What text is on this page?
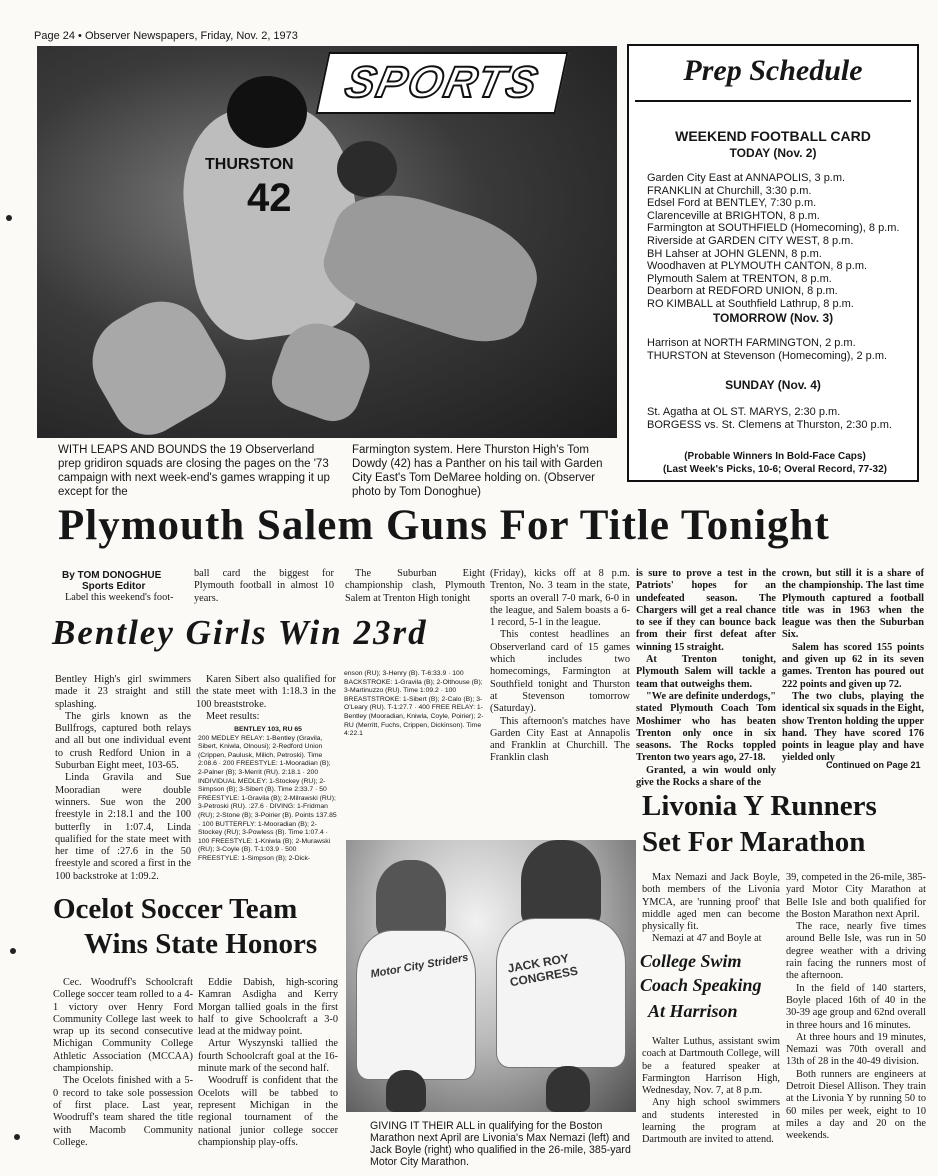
Page 24 • Observer Newspapers, Friday, Nov. 2, 1973
THURSTON
42
SPORTS
WITH LEAPS AND BOUNDS the 19 Observerland prep gridiron squads are closing the pages on the '73 campaign with next week-end's games wrapping it up except for the
Farmington system. Here Thurston High's Tom Dowdy (42) has a Panther on his tail with Garden City East's Tom DeMaree holding on. (Observer photo by Tom Donoghue)
Prep Schedule
WEEKEND FOOTBALL CARD
TODAY (Nov. 2)
Garden City East at ANNAPOLIS, 3 p.m.
FRANKLIN at Churchill, 3:30 p.m.
Edsel Ford at BENTLEY, 7:30 p.m.
Clarenceville at BRIGHTON, 8 p.m.
Farmington at SOUTHFIELD (Homecoming), 8 p.m.
Riverside at GARDEN CITY WEST, 8 p.m.
BH Lahser at JOHN GLENN, 8 p.m.
Woodhaven at PLYMOUTH CANTON, 8 p.m.
Plymouth Salem at TRENTON, 8 p.m.
Dearborn at REDFORD UNION, 8 p.m.
RO KIMBALL at Southfield Lathrup, 8 p.m.
TOMORROW (Nov. 3)
Harrison at NORTH FARMINGTON, 2 p.m.
THURSTON at Stevenson (Homecoming), 2 p.m.
SUNDAY (Nov. 4)
St. Agatha at OL ST. MARYS, 2:30 p.m.
BORGESS vs. St. Clemens at Thurston, 2:30 p.m.
(Probable Winners In Bold-Face Caps)
(Last Week's Picks, 10-6; Overal Record, 77-32)
Plymouth Salem Guns For Title Tonight
By TOM DONOGHUE
Sports Editor

Label this weekend's foot-

ball card the biggest for Plymouth football in almost 10 years.

The Suburban Eight championship clash, Plymouth Salem at Trenton High tonight

(Friday), kicks off at 8 p.m. Trenton, No. 3 team in the state, sports an overall 7-0 mark, 6-0 in the league, and Salem boasts a 6-1 record, 5-1 in the league.

This contest headlines an Observerland card of 15 games which includes two homecomings, Farmington at Southfield tonight and Thurston at Stevenson tomorrow (Saturday).

This afternoon's matches have Garden City East at Annapolis and Franklin at Churchill. The Franklin clash

is sure to prove a test in the Patriots' hopes for an undefeated season. The Chargers will get a real chance to see if they can bounce back from their first defeat after winning 15 straight.

At Trenton tonight, Plymouth Salem will tackle a team that outweighs them.

"We are definite underdogs," stated Plymouth Coach Tom Moshimer who has beaten Trenton only once in six seasons. The Rocks toppled Trenton two years ago, 27-18.

Granted, a win would only give the Rocks a share of the

crown, but still it is a share of the championship. The last time Plymouth captured a football title was in 1963 when the league was then the Suburban Six.

Salem has scored 155 points and given up 62 in its seven games. Trenton has poured out 222 points and given up 72.

The two clubs, playing the identical six squads in the Eight, show Trenton holding the upper hand. They have scored 176 points in league play and have yielded only

Continued on Page 21
Bentley Girls Win 23rd

Bentley High's girl swimmers made it 23 straight and still splashing.

The girls known as the Bullfrogs, captured both relays and all but one individual event to crush Redford Union in a Suburban Eight meet, 103-65.

Linda Gravila and Sue Mooradian were double winners. Sue won the 200 freestyle in 2:18.1 and the 100 butterfly in 1:07.4, Linda qualified for the state meet with her time of :27.6 in the 50 freestyle and scored a first in the 100 backstroke at 1:09.2.

Karen Sibert also qualified for the state meet with 1:18.3 in the 100 breaststroke.

Meet results:

BENTLEY 103, RU 65
200 MEDLEY RELAY: 1-Bentley (Gravila, Sibert, Kniwla, Olnousi); 2-Redford Union (Crippen, Paulusk, Milich, Petroski). Time 2:08.6 · 200 FREESTYLE: 1-Mooradian (B); 2-Palner (B); 3-Merrit (RU). 2:18.1 · 200 INDIVIDUAL MEDLEY: 1-Stockey (RU); 2-Simpson (B); 3-Sibert (B). Time 2:33.7 · 50 FREESTYLE: 1-Gravila (B); 2-Milrawski (RU); 3-Petroski (RU). :27.6 · DIVING: 1-Fridman (RU); 2-Stone (B); 3-Poirier (B). Points 137.85 · 100 BUTTERFLY: 1-Mooradian (B); 2-Stockey (RU); 3-Powless (B). Time 1:07.4 · 100 FREESTYLE: 1-Kniwla (B); 2-Murawski (RU); 3-Coyle (B). T-1:03.9 · 500 FREESTYLE: 1-Simpson (B); 2-Dick-
enson (RU); 3-Henry (B). T-6:33.9 · 100 BACKSTROKE: 1-Gravila (B); 2-Olthouse (B); 3-Martinuzzo (RU). Time 1:09.2 · 100 BREASTSTROKE: 1-Sibert (B); 2-Calo (B); 3-O'Leary (RU). T-1:27.7 · 400 FREE RELAY: 1-Bentley (Mooradian, Kniwla, Coyle, Poirier); 2-RU (Merritt, Fuchs, Crippen, Dickinson). Time 4:22.1
Ocelot Soccer Team
Wins State Honors

Cec. Woodruff's Schoolcraft College soccer team rolled to a 4-1 victory over Henry Ford Community College last week to wrap up its second consecutive Michigan Community College Athletic Association (MCCAA) championship.

The Ocelots finished with a 5-0 record to take sole possession of first place. Last year, Woodruff's team shared the title with Macomb Community College.

Eddie Dabish, high-scoring Kamran Asdigha and Kerry Morgan tallied goals in the first half to give Schoolcraft a 3-0 lead at the midway point.

Artur Wyszynski tallied the fourth Schoolcraft goal at the 16-minute mark of the second half.

Woodruff is confident that the Ocelots will be tabbed to represent Michigan in the regional tournament of the national junior college soccer championship play-offs.

Motor City Striders	JACK ROY CONGRESS
GIVING IT THEIR ALL in qualifying for the Boston Marathon next April are Livonia's Max Nemazi (left) and Jack Boyle (right) who qualified in the 26-mile, 385-yard Motor City Marathon.
Livonia Y Runners
Set For Marathon

Max Nemazi and Jack Boyle, both members of the Livonia YMCA, are 'running proof' that middle aged men can become physically fit.

Nemazi at 47 and Boyle at

39, competed in the 26-mile, 385-yard Motor City Marathon at Belle Isle and both qualified for the Boston Marathon next April.

The race, nearly five times around Belle Isle, was run in 50 degree weather with a driving rain facing the runners most of the afternoon.

In the field of 140 starters, Boyle placed 16th of 40 in the 30-39 age group and 62nd overall in three hours and 16 minutes.

At three hours and 19 minutes, Nemazi was 70th overall and 13th of 28 in the 40-49 division.

Both runners are engineers at Detroit Diesel Allison. They train at the Livonia Y by running 50 to 60 miles per week, eight to 10 miles a day and 20 on the weekends.

College Swim
Coach Speaking
At Harrison

Walter Luthus, assistant swim coach at Dartmouth College, will be a featured speaker at Farmington Harrison High, Wednesday, Nov. 7, at 8 p.m.

Any high school swimmers and students interested in learning the program at Dartmouth are invited to attend.
